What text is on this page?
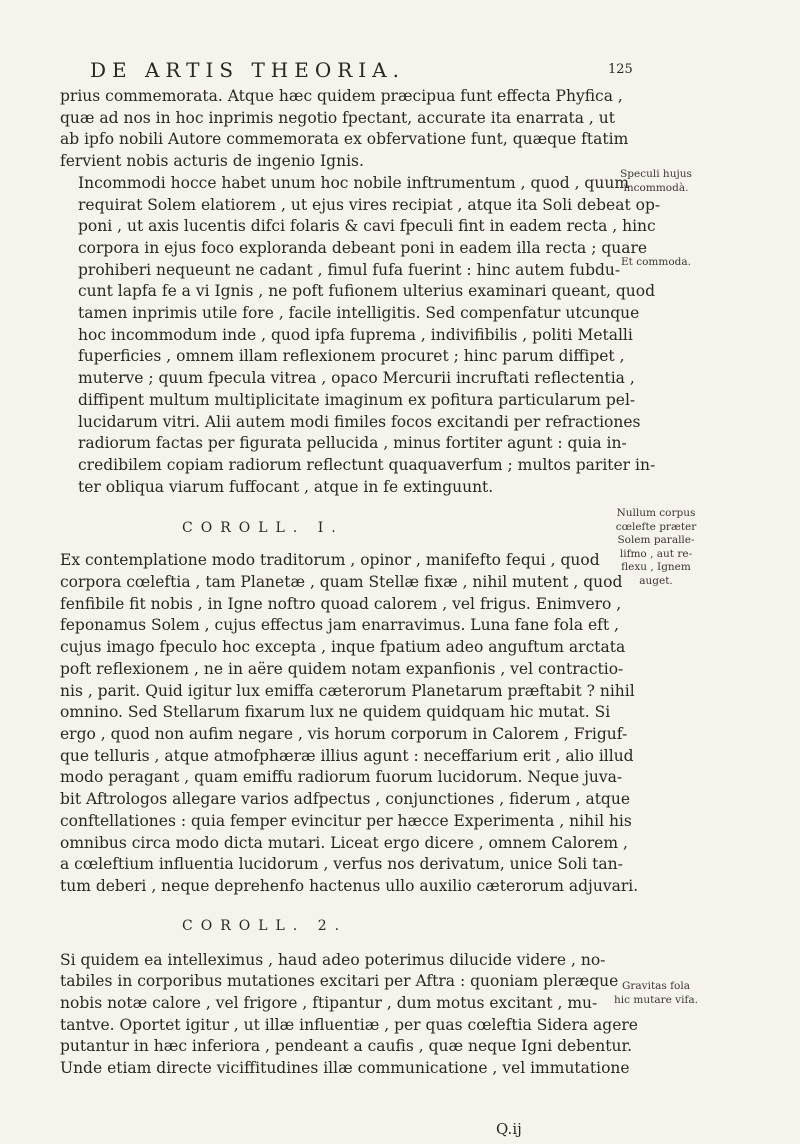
DE ARTIS THEORIA.	125

prius commemorata. Atque hæc quidem præcipua funt effecta Phyfica ,
quæ ad nos in hoc inprimis negotio fpectant, accurate ita enarrata , ut
ab ipfo nobili Autore commemorata ex obfervatione funt, quæque ftatim
fervient nobis acturis de ingenio Ignis.

Incommodi hocce habet unum hoc nobile inftrumentum , quod , quum
requirat Solem elatiorem , ut ejus vires recipiat , atque ita Soli debeat op-
poni , ut axis lucentis difci folaris & cavi fpeculi fint in eadem recta , hinc
corpora in ejus foco exploranda debeant poni in eadem illa recta ; quare
prohiberi nequeunt ne cadant , fimul fufa fuerint : hinc autem fubdu-
cunt lapfa fe a vi Ignis , ne poft fufionem ulterius examinari queant, quod
tamen inprimis utile fore , facile intelligitis. Sed compenfatur utcunque
hoc incommodum inde , quod ipfa fuprema , indivifibilis , politi Metalli
fuperficies , omnem illam reflexionem procuret ; hinc parum diffipet ,
muterve ; quum fpecula vitrea , opaco Mercurii incruftati reflectentia ,
diffipent multum multiplicitate imaginum ex pofitura particularum pel-
lucidarum vitri. Alii autem modi fimiles focos excitandi per refractiones
radiorum factas per figurata pellucida , minus fortiter agunt : quia in-
credibilem copiam radiorum reflectunt quaquaverfum ; multos pariter in-
ter obliqua viarum fuffocant , atque in fe extinguunt.

COROLL. I.

Ex contemplatione modo traditorum , opinor , manifefto fequi , quod
corpora cœleftia , tam Planetæ , quam Stellæ fixæ , nihil mutent , quod
fenfibile fit nobis , in Igne noftro quoad calorem , vel frigus. Enimvero ,
feponamus Solem , cujus effectus jam enarravimus. Luna fane fola eft ,
cujus imago fpeculo hoc excepta , inque fpatium adeo anguftum arctata
poft reflexionem , ne in aëre quidem notam expanfionis , vel contractio-
nis , parit. Quid igitur lux emiffa cæterorum Planetarum præftabit ? nihil
omnino. Sed Stellarum fixarum lux ne quidem quidquam hic mutat. Si
ergo , quod non aufim negare , vis horum corporum in Calorem , Friguf-
que telluris , atque atmofphæræ illius agunt : neceffarium erit , alio illud
modo peragant , quam emiffu radiorum fuorum lucidorum. Neque juva-
bit Aftrologos allegare varios adfpectus , conjunctiones , fiderum , atque
conftellationes : quia femper evincitur per hæcce Experimenta , nihil his
omnibus circa modo dicta mutari. Liceat ergo dicere , omnem Calorem ,
a cœleftium influentia lucidorum , verfus nos derivatum, unice Soli tan-
tum deberi , neque deprehenfo hactenus ullo auxilio cæterorum adjuvari.

COROLL. 2.

Si quidem ea intelleximus , haud adeo poterimus dilucide videre , no-
tabiles in corporibus mutationes excitari per Aftra : quoniam pleræque
nobis notæ calore , vel frigore , ftipantur , dum motus excitant , mu-
tantve. Oportet igitur , ut illæ influentiæ , per quas cœleftia Sidera agere
putantur in hæc inferiora , pendeant a caufis , quæ neque Igni debentur.
Unde etiam directe viciffitudines illæ communicatione , vel immutatione

Speculi hujus
incommodà.
Et commoda.
Nullum corpus
cœlefte præter
Solem paralle-
lifmo , aut re-
flexu , Ignem
auget.
Gravitas fola
hic mutare vifa.
Q.ij
